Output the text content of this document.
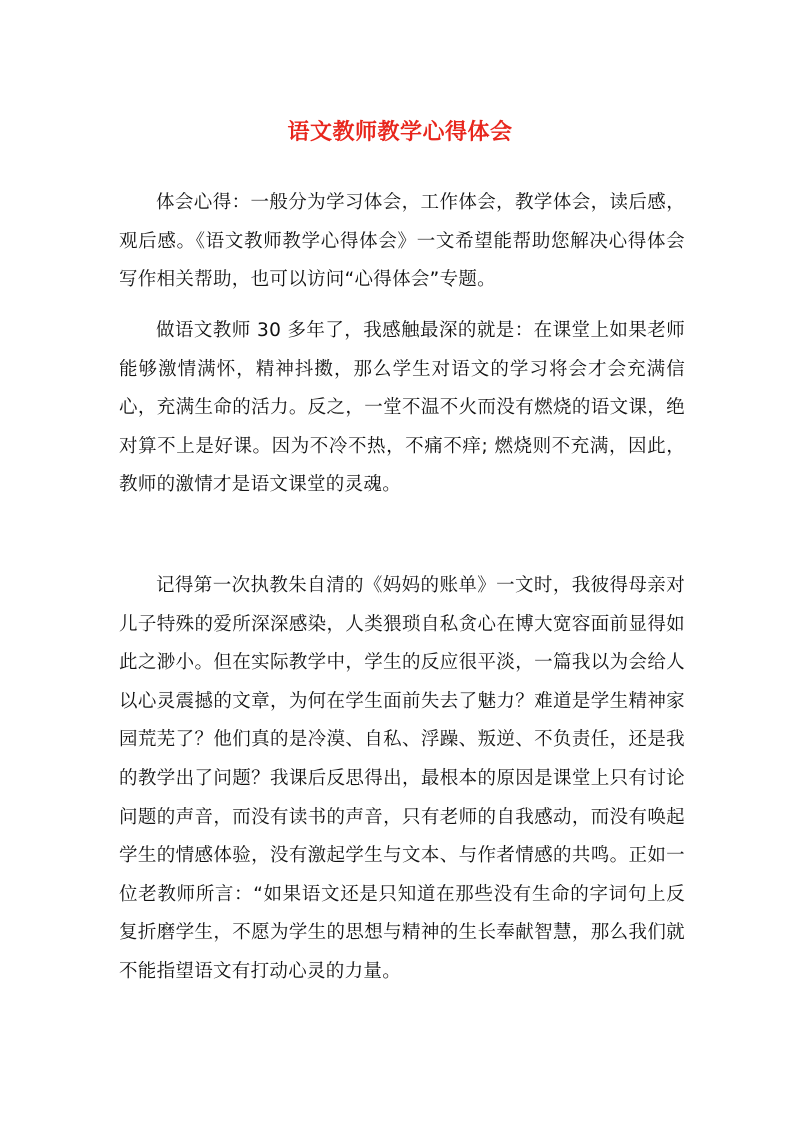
语文教师教学心得体会

体会心得：一般分为学习体会，工作体会，教学体会，读后感，观后感。《语文教师教学心得体会》一文希望能帮助您解决心得体会写作相关帮助，也可以访问“心得体会”专题。

做语文教师 30 多年了，我感触最深的就是：在课堂上如果老师能够激情满怀，精神抖擞，那么学生对语文的学习将会才会充满信心，充满生命的活力。反之，一堂不温不火而没有燃烧的语文课，绝对算不上是好课。因为不冷不热，不痛不痒; 燃烧则不充满，因此，教师的激情才是语文课堂的灵魂。

记得第一次执教朱自清的《妈妈的账单》一文时，我彼得母亲对儿子特殊的爱所深深感染，人类猥琐自私贪心在博大宽容面前显得如此之渺小。但在实际教学中，学生的反应很平淡，一篇我以为会给人以心灵震撼的文章，为何在学生面前失去了魅力？难道是学生精神家园荒芜了？他们真的是冷漠、自私、浮躁、叛逆、不负责任，还是我的教学出了问题？我课后反思得出，最根本的原因是课堂上只有讨论问题的声音，而没有读书的声音，只有老师的自我感动，而没有唤起学生的情感体验，没有激起学生与文本、与作者情感的共鸣。正如一位老教师所言：“如果语文还是只知道在那些没有生命的字词句上反复折磨学生，不愿为学生的思想与精神的生长奉献智慧，那么我们就不能指望语文有打动心灵的力量。
